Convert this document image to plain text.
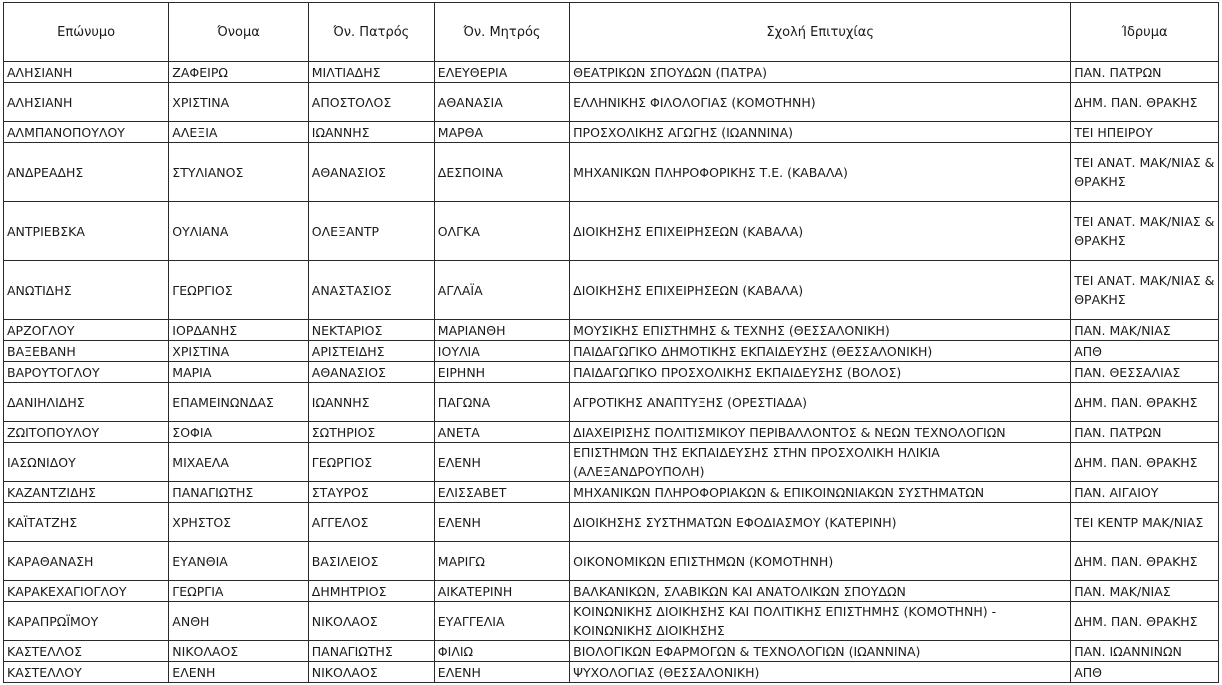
Επώνυμο	Όνομα	Όν. Πατρός	Όν. Μητρός	Σχολή Επιτυχίας	Ίδρυμα
ΑΛΗΣΙΑΝΗ	ΖΑΦΕΙΡΩ	ΜΙΛΤΙΑΔΗΣ	ΕΛΕΥΘΕΡΙΑ	ΘΕΑΤΡΙΚΩΝ ΣΠΟΥΔΩΝ (ΠΑΤΡΑ)	ΠΑΝ. ΠΑΤΡΩΝ
ΑΛΗΣΙΑΝΗ	ΧΡΙΣΤΙΝΑ	ΑΠΟΣΤΟΛΟΣ	ΑΘΑΝΑΣΙΑ	ΕΛΛΗΝΙΚΗΣ ΦΙΛΟΛΟΓΙΑΣ (ΚΟΜΟΤΗΝΗ)	ΔΗΜ. ΠΑΝ. ΘΡΑΚΗΣ
ΑΛΜΠΑΝΟΠΟΥΛΟΥ	ΑΛΕΞΙΑ	ΙΩΑΝΝΗΣ	ΜΑΡΘΑ	ΠΡΟΣΧΟΛΙΚΗΣ ΑΓΩΓΗΣ (ΙΩΑΝΝΙΝΑ)	ΤΕΙ ΗΠΕΙΡΟΥ
ΑΝΔΡΕΑΔΗΣ	ΣΤΥΛΙΑΝΟΣ	ΑΘΑΝΑΣΙΟΣ	ΔΕΣΠΟΙΝΑ	ΜΗΧΑΝΙΚΩΝ ΠΛΗΡΟΦΟΡΙΚΗΣ Τ.Ε. (ΚΑΒΑΛΑ)	ΤΕΙ ΑΝΑΤ. ΜΑΚ/ΝΙΑΣ & ΘΡΑΚΗΣ
ΑΝΤΡΙΕΒΣΚΑ	ΟΥΛΙΑΝΑ	ΟΛΕΞΑΝΤΡ	ΟΛΓΚΑ	ΔΙΟΙΚΗΣΗΣ ΕΠΙΧΕΙΡΗΣΕΩΝ (ΚΑΒΑΛΑ)	ΤΕΙ ΑΝΑΤ. ΜΑΚ/ΝΙΑΣ & ΘΡΑΚΗΣ
ΑΝΩΤΙΔΗΣ	ΓΕΩΡΓΙΟΣ	ΑΝΑΣΤΑΣΙΟΣ	ΑΓΛΑΪΑ	ΔΙΟΙΚΗΣΗΣ ΕΠΙΧΕΙΡΗΣΕΩΝ (ΚΑΒΑΛΑ)	ΤΕΙ ΑΝΑΤ. ΜΑΚ/ΝΙΑΣ & ΘΡΑΚΗΣ
ΑΡΖΟΓΛΟΥ	ΙΟΡΔΑΝΗΣ	ΝΕΚΤΑΡΙΟΣ	ΜΑΡΙΑΝΘΗ	ΜΟΥΣΙΚΗΣ ΕΠΙΣΤΗΜΗΣ & ΤΕΧΝΗΣ (ΘΕΣΣΑΛΟΝΙΚΗ)	ΠΑΝ. ΜΑΚ/ΝΙΑΣ
ΒΑΞΕΒΑΝΗ	ΧΡΙΣΤΙΝΑ	ΑΡΙΣΤΕΙΔΗΣ	ΙΟΥΛΙΑ	ΠΑΙΔΑΓΩΓΙΚΟ ΔΗΜΟΤΙΚΗΣ ΕΚΠΑΙΔΕΥΣΗΣ (ΘΕΣΣΑΛΟΝΙΚΗ)	ΑΠΘ
ΒΑΡΟΥΤΟΓΛΟΥ	ΜΑΡΙΑ	ΑΘΑΝΑΣΙΟΣ	ΕΙΡΗΝΗ	ΠΑΙΔΑΓΩΓΙΚΟ ΠΡΟΣΧΟΛΙΚΗΣ ΕΚΠΑΙΔΕΥΣΗΣ (ΒΟΛΟΣ)	ΠΑΝ. ΘΕΣΣΑΛΙΑΣ
ΔΑΝΙΗΛΙΔΗΣ	ΕΠΑΜΕΙΝΩΝΔΑΣ	ΙΩΑΝΝΗΣ	ΠΑΓΩΝΑ	ΑΓΡΟΤΙΚΗΣ ΑΝΑΠΤΥΞΗΣ (ΟΡΕΣΤΙΑΔΑ)	ΔΗΜ. ΠΑΝ. ΘΡΑΚΗΣ
ΖΩΙΤΟΠΟΥΛΟΥ	ΣΟΦΙΑ	ΣΩΤΗΡΙΟΣ	ΑΝΕΤΑ	ΔΙΑΧΕΙΡΙΣΗΣ ΠΟΛΙΤΙΣΜΙΚΟΥ ΠΕΡΙΒΑΛΛΟΝΤΟΣ & ΝΕΩΝ ΤΕΧΝΟΛΟΓΙΩΝ	ΠΑΝ. ΠΑΤΡΩΝ
ΙΑΣΩΝΙΔΟΥ	ΜΙΧΑΕΛΑ	ΓΕΩΡΓΙΟΣ	ΕΛΕΝΗ	ΕΠΙΣΤΗΜΩΝ ΤΗΣ ΕΚΠΑΙΔΕΥΣΗΣ ΣΤΗΝ ΠΡΟΣΧΟΛΙΚΗ ΗΛΙΚΙΑ (ΑΛΕΞΑΝΔΡΟΥΠΟΛΗ)	ΔΗΜ. ΠΑΝ. ΘΡΑΚΗΣ
ΚΑΖΑΝΤΖΙΔΗΣ	ΠΑΝΑΓΙΩΤΗΣ	ΣΤΑΥΡΟΣ	ΕΛΙΣΣΑΒΕΤ	ΜΗΧΑΝΙΚΩΝ ΠΛΗΡΟΦΟΡΙΑΚΩΝ & ΕΠΙΚΟΙΝΩΝΙΑΚΩΝ ΣΥΣΤΗΜΑΤΩΝ	ΠΑΝ. ΑΙΓΑΙΟΥ
ΚΑΪΤΑΤΖΗΣ	ΧΡΗΣΤΟΣ	ΑΓΓΕΛΟΣ	ΕΛΕΝΗ	ΔΙΟΙΚΗΣΗΣ ΣΥΣΤΗΜΑΤΩΝ ΕΦΟΔΙΑΣΜΟΥ (ΚΑΤΕΡΙΝΗ)	ΤΕΙ ΚΕΝΤΡ ΜΑΚ/ΝΙΑΣ
ΚΑΡΑΘΑΝΑΣΗ	ΕΥΑΝΘΙΑ	ΒΑΣΙΛΕΙΟΣ	ΜΑΡΙΓΩ	ΟΙΚΟΝΟΜΙΚΩΝ ΕΠΙΣΤΗΜΩΝ (ΚΟΜΟΤΗΝΗ)	ΔΗΜ. ΠΑΝ. ΘΡΑΚΗΣ
ΚΑΡΑΚΕΧΑΓΙΟΓΛΟΥ	ΓΕΩΡΓΙΑ	ΔΗΜΗΤΡΙΟΣ	ΑΙΚΑΤΕΡΙΝΗ	ΒΑΛΚΑΝΙΚΩΝ, ΣΛΑΒΙΚΩΝ ΚΑΙ ΑΝΑΤΟΛΙΚΩΝ ΣΠΟΥΔΩΝ	ΠΑΝ. ΜΑΚ/ΝΙΑΣ
ΚΑΡΑΠΡΩΪΜΟΥ	ΑΝΘΗ	ΝΙΚΟΛΑΟΣ	ΕΥΑΓΓΕΛΙΑ	ΚΟΙΝΩΝΙΚΗΣ ΔΙΟΙΚΗΣΗΣ ΚΑΙ ΠΟΛΙΤΙΚΗΣ ΕΠΙΣΤΗΜΗΣ (ΚΟΜΟΤΗΝΗ) - ΚΟΙΝΩΝΙΚΗΣ ΔΙΟΙΚΗΣΗΣ	ΔΗΜ. ΠΑΝ. ΘΡΑΚΗΣ
ΚΑΣΤΕΛΛΟΣ	ΝΙΚΟΛΑΟΣ	ΠΑΝΑΓΙΩΤΗΣ	ΦΙΛΙΩ	ΒΙΟΛΟΓΙΚΩΝ ΕΦΑΡΜΟΓΩΝ & ΤΕΧΝΟΛΟΓΙΩΝ (ΙΩΑΝΝΙΝΑ)	ΠΑΝ. ΙΩΑΝΝΙΝΩΝ
ΚΑΣΤΕΛΛΟΥ	ΕΛΕΝΗ	ΝΙΚΟΛΑΟΣ	ΕΛΕΝΗ	ΨΥΧΟΛΟΓΙΑΣ (ΘΕΣΣΑΛΟΝΙΚΗ)	ΑΠΘ
